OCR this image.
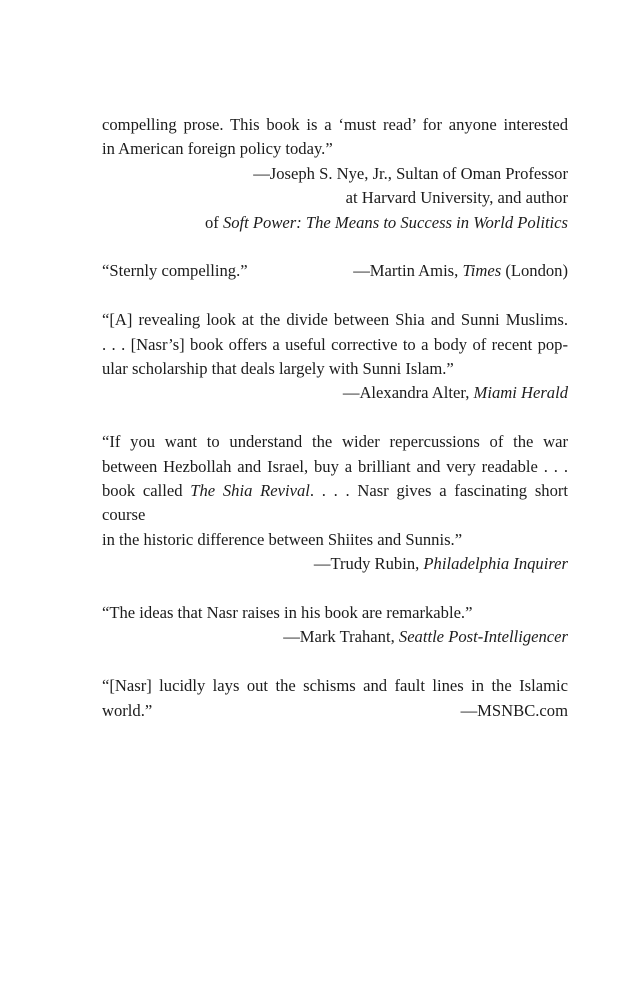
compelling prose. This book is a ‘must read’ for anyone interested

in American foreign policy today.”

—Joseph S. Nye, Jr., Sultan of Oman Professor

at Harvard University, and author

of Soft Power: The Means to Success in World Politics

“Sternly compelling.”	—Martin Amis, Times (London)

“[A] revealing look at the divide between Shia and Sunni Muslims.

. . . [Nasr’s] book offers a useful corrective to a body of recent pop-

ular scholarship that deals largely with Sunni Islam.”

—Alexandra Alter, Miami Herald

“If you want to understand the wider repercussions of the war

between Hezbollah and Israel, buy a brilliant and very readable . . .

book called The Shia Revival. . . . Nasr gives a fascinating short course

in the historic difference between Shiites and Sunnis.”

—Trudy Rubin, Philadelphia Inquirer

“The ideas that Nasr raises in his book are remarkable.”

—Mark Trahant, Seattle Post-Intelligencer

“[Nasr] lucidly lays out the schisms and fault lines in the Islamic

world.”	—MSNBC.com
